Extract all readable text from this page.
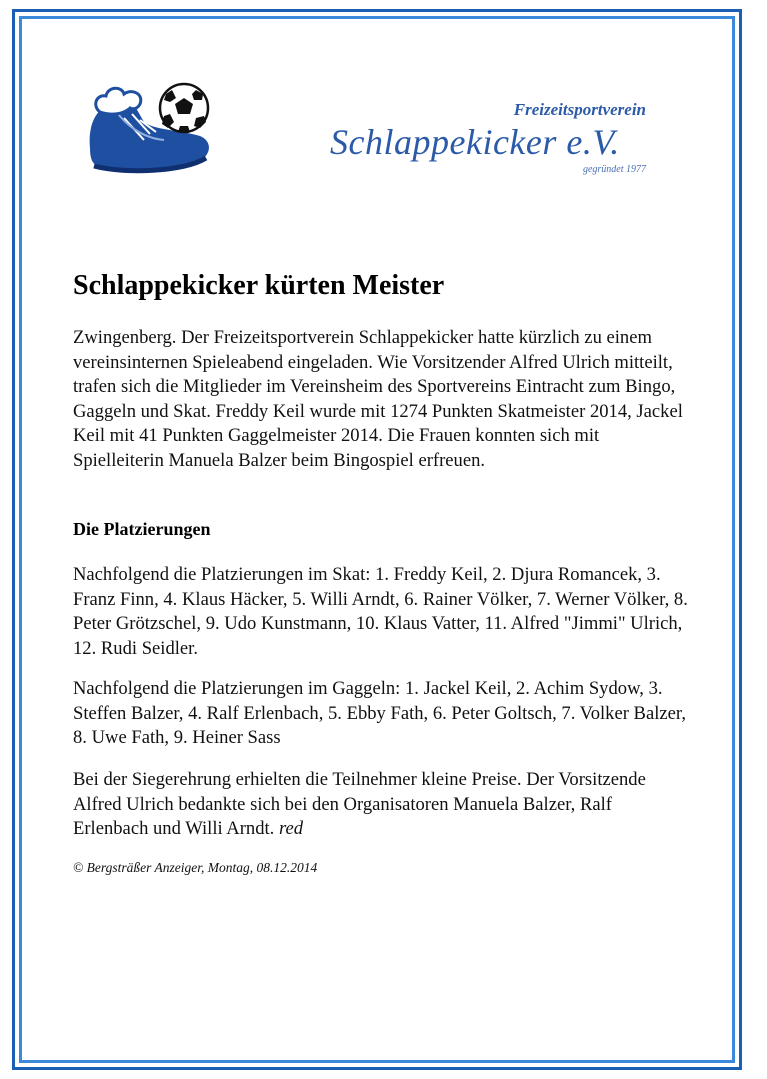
Freizeitsportverein
Schlappekicker e.V.
gegründet 1977
Schlappekicker kürten Meister

Zwingenberg. Der Freizeitsportverein Schlappekicker hatte kürzlich zu einem vereinsinternen Spieleabend eingeladen. Wie Vorsitzender Alfred Ulrich mitteilt, trafen sich die Mitglieder im Vereinsheim des Sportvereins Eintracht zum Bingo, Gaggeln und Skat. Freddy Keil wurde mit 1274 Punkten Skatmeister 2014, Jackel Keil mit 41 Punkten Gaggelmeister 2014. Die Frauen konnten sich mit Spielleiterin Manuela Balzer beim Bingospiel erfreuen.

Die Platzierungen

Nachfolgend die Platzierungen im Skat: 1. Freddy Keil, 2. Djura Romancek, 3. Franz Finn, 4. Klaus Häcker, 5. Willi Arndt, 6. Rainer Völker, 7. Werner Völker, 8. Peter Grötzschel, 9. Udo Kunstmann, 10. Klaus Vatter, 11. Alfred "Jimmi" Ulrich, 12. Rudi Seidler.

Nachfolgend die Platzierungen im Gaggeln: 1. Jackel Keil, 2. Achim Sydow, 3. Steffen Balzer, 4. Ralf Erlenbach, 5. Ebby Fath, 6. Peter Goltsch, 7. Volker Balzer, 8. Uwe Fath, 9. Heiner Sass

Bei der Siegerehrung erhielten die Teilnehmer kleine Preise. Der Vorsitzende Alfred Ulrich bedankte sich bei den Organisatoren Manuela Balzer, Ralf Erlenbach und Willi Arndt. red

© Bergsträßer Anzeiger, Montag, 08.12.2014
